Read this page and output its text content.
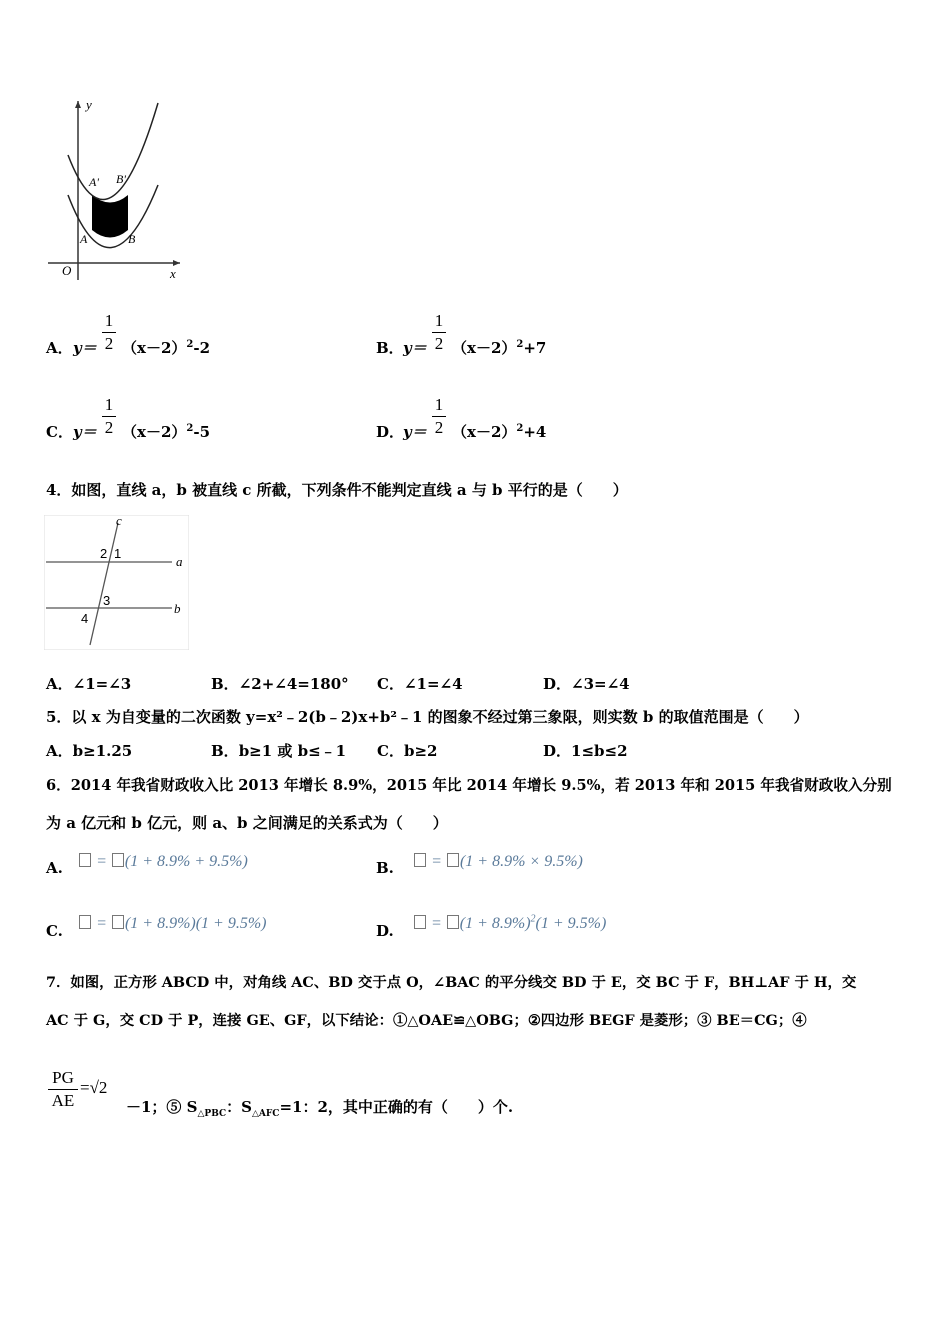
y
x
O
A' B'
A	B
A． y＝
1
2 $(x-2)^2-2$	B． y＝
1
2 $(x-2)^2+7$
C． y＝
1
2 $(x-2)^2-5$	D．
y＝
1
2 $(x-2)^2+4$
4．如图，直线 a，b 被直线 c 所截，下列条件不能判定直线 a 与 b 平行的是（　　）
c
a
b
2 1
3
4
A．∠1=∠3	B．∠2+∠4=180° C．∠1=∠4	D．∠3=∠4
5．以 x 为自变量的二次函数 y=x²﹣2(b﹣2)x+b²﹣1 的图象不经过第三象限，则实数 b 的取值范围是（　　）
A．b≥1.25	B．b≥1 或 b≤﹣1 C．b≥2	D．1≤b≤2
6．2014 年我省财政收入比 2013 年增长 8.9%，2015 年比 2014 年增长 9.5%，若 2013 年和 2015 年我省财政收入分别
为 a 亿元和 b 亿元，则 a、b 之间满足的关系式为（　　）
A.  = (1 + 8.9% + 9.5%)	B.  = (1 + 8.9% × 9.5%)
C.  = (1 + 8.9%)(1 + 9.5%)	D.  = $(1 + 8.9\%)^2(1 + 9.5\%)$
7．如图，正方形 ABCD 中，对角线 AC、BD 交于点 O，∠BAC 的平分线交 BD 于 E，交 BC 于 F，BH⊥AF 于 H，交
AC 于 G，交 CD 于 P，连接 GE、GF，以下结论：①△OAE≌△OBG；②四边形 BEGF 是菱形；③ BE＝CG；④
PG
AE
=√2
－1；⑤ $S_{\triangle PBC}$：$S_{\triangle AFC}=1$：2，其中正确的有（　　）个.
